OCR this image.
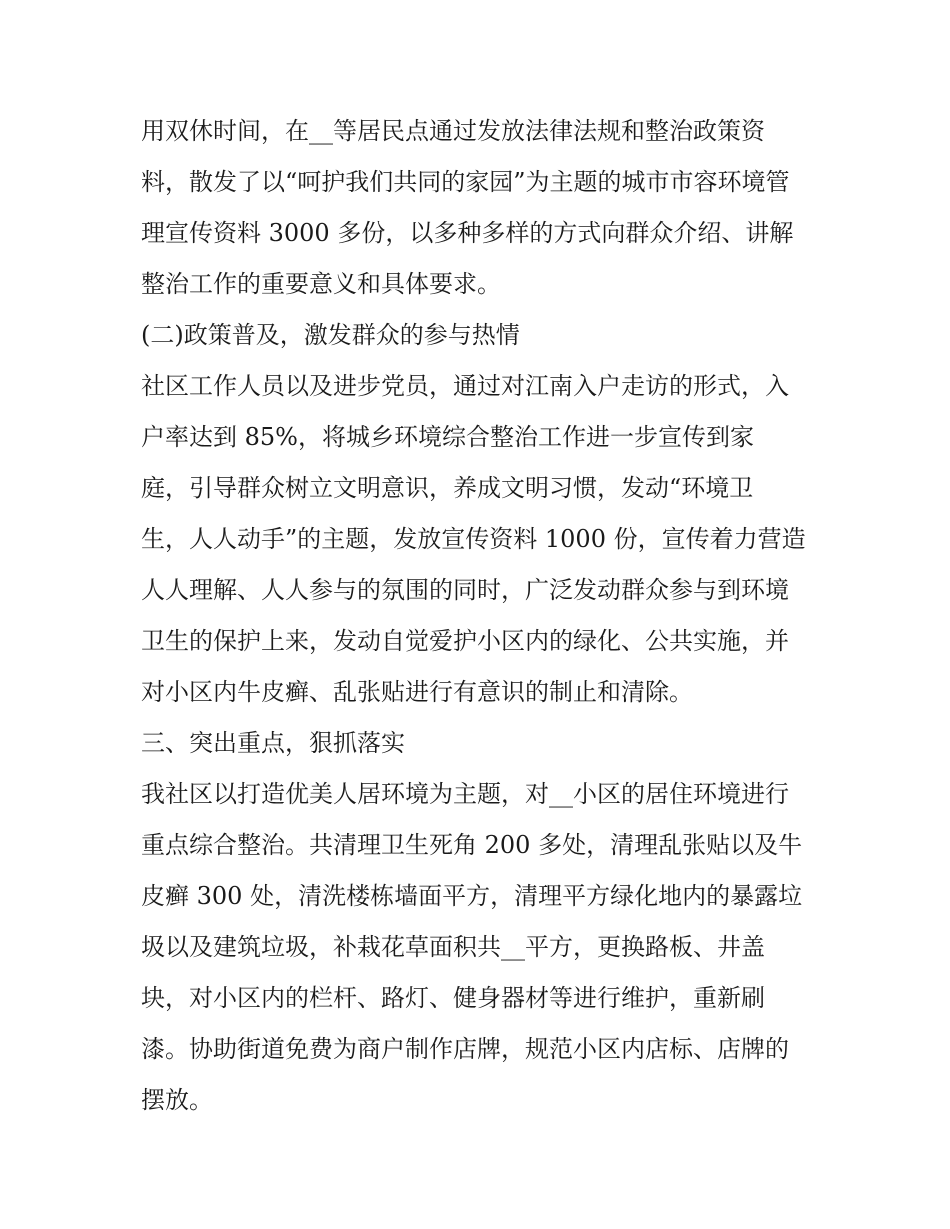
用双休时间，在__等居民点通过发放法律法规和整治政策资
料，散发了以“呵护我们共同的家园”为主题的城市市容环境管
理宣传资料 3000 多份，以多种多样的方式向群众介绍、讲解
整治工作的重要意义和具体要求。
(二)政策普及，激发群众的参与热情
社区工作人员以及进步党员，通过对江南入户走访的形式，入
户率达到 85%，将城乡环境综合整治工作进一步宣传到家
庭，引导群众树立文明意识，养成文明习惯，发动“环境卫
生，人人动手”的主题，发放宣传资料 1000 份，宣传着力营造
人人理解、人人参与的氛围的同时，广泛发动群众参与到环境
卫生的保护上来，发动自觉爱护小区内的绿化、公共实施，并
对小区内牛皮癣、乱张贴进行有意识的制止和清除。
三、突出重点，狠抓落实
我社区以打造优美人居环境为主题，对__小区的居住环境进行
重点综合整治。共清理卫生死角 200 多处，清理乱张贴以及牛
皮癣 300 处，清洗楼栋墙面平方，清理平方绿化地内的暴露垃
圾以及建筑垃圾，补栽花草面积共__平方，更换路板、井盖
块，对小区内的栏杆、路灯、健身器材等进行维护，重新刷
漆。协助街道免费为商户制作店牌，规范小区内店标、店牌的
摆放。
